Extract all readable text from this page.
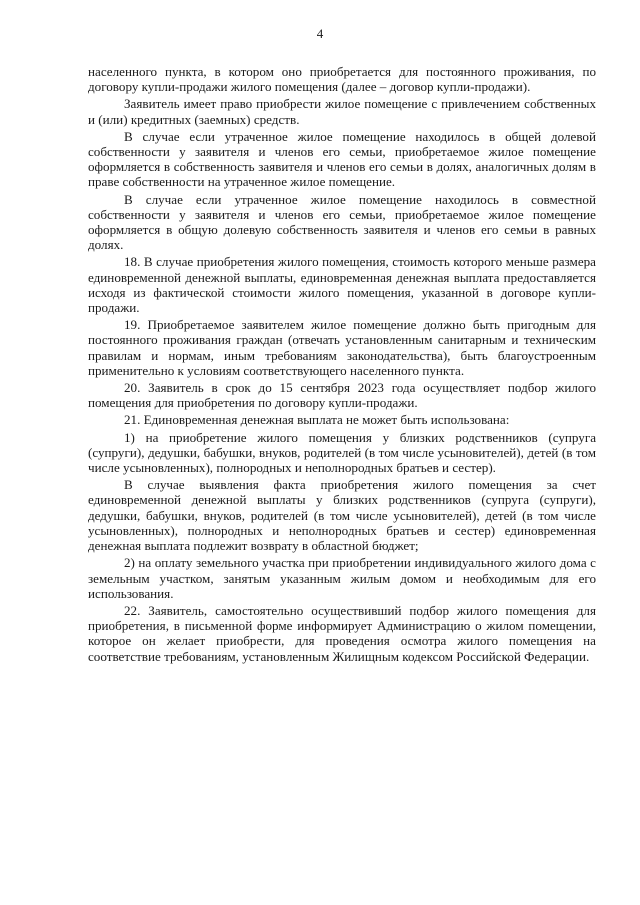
4

населенного пункта, в котором оно приобретается для постоянного проживания, по договору купли-продажи жилого помещения (далее – договор купли-продажи).

Заявитель имеет право приобрести жилое помещение с привлечением собственных и (или) кредитных (заемных) средств.

В случае если утраченное жилое помещение находилось в общей долевой собственности у заявителя и членов его семьи, приобретаемое жилое помещение оформляется в собственность заявителя и членов его семьи в долях, аналогичных долям в праве собственности на утраченное жилое помещение.

В случае если утраченное жилое помещение находилось в совместной собственности у заявителя и членов его семьи, приобретаемое жилое помещение оформляется в общую долевую собственность заявителя и членов его семьи в равных долях.

18. В случае приобретения жилого помещения, стоимость которого меньше размера единовременной денежной выплаты, единовременная денежная выплата предоставляется исходя из фактической стоимости жилого помещения, указанной в договоре купли-продажи.

19. Приобретаемое заявителем жилое помещение должно быть пригодным для постоянного проживания граждан (отвечать установленным санитарным и техническим правилам и нормам, иным требованиям законодательства), быть благоустроенным применительно к условиям соответствующего населенного пункта.

20. Заявитель в срок до 15 сентября 2023 года осуществляет подбор жилого помещения для приобретения по договору купли-продажи.

21. Единовременная денежная выплата не может быть использована:

1) на приобретение жилого помещения у близких родственников (супруга (супруги), дедушки, бабушки, внуков, родителей (в том числе усыновителей), детей (в том числе усыновленных), полнородных и неполнородных братьев и сестер).

В случае выявления факта приобретения жилого помещения за счет единовременной денежной выплаты у близких родственников (супруга (супруги), дедушки, бабушки, внуков, родителей (в том числе усыновителей), детей (в том числе усыновленных), полнородных и неполнородных братьев и сестер) единовременная денежная выплата подлежит возврату в областной бюджет;

2) на оплату земельного участка при приобретении индивидуального жилого дома с земельным участком, занятым указанным жилым домом и необходимым для его использования.

22. Заявитель, самостоятельно осуществивший подбор жилого помещения для приобретения, в письменной форме информирует Администрацию о жилом помещении, которое он желает приобрести, для проведения осмотра жилого помещения на соответствие требованиям, установленным Жилищным кодексом Российской Федерации.
